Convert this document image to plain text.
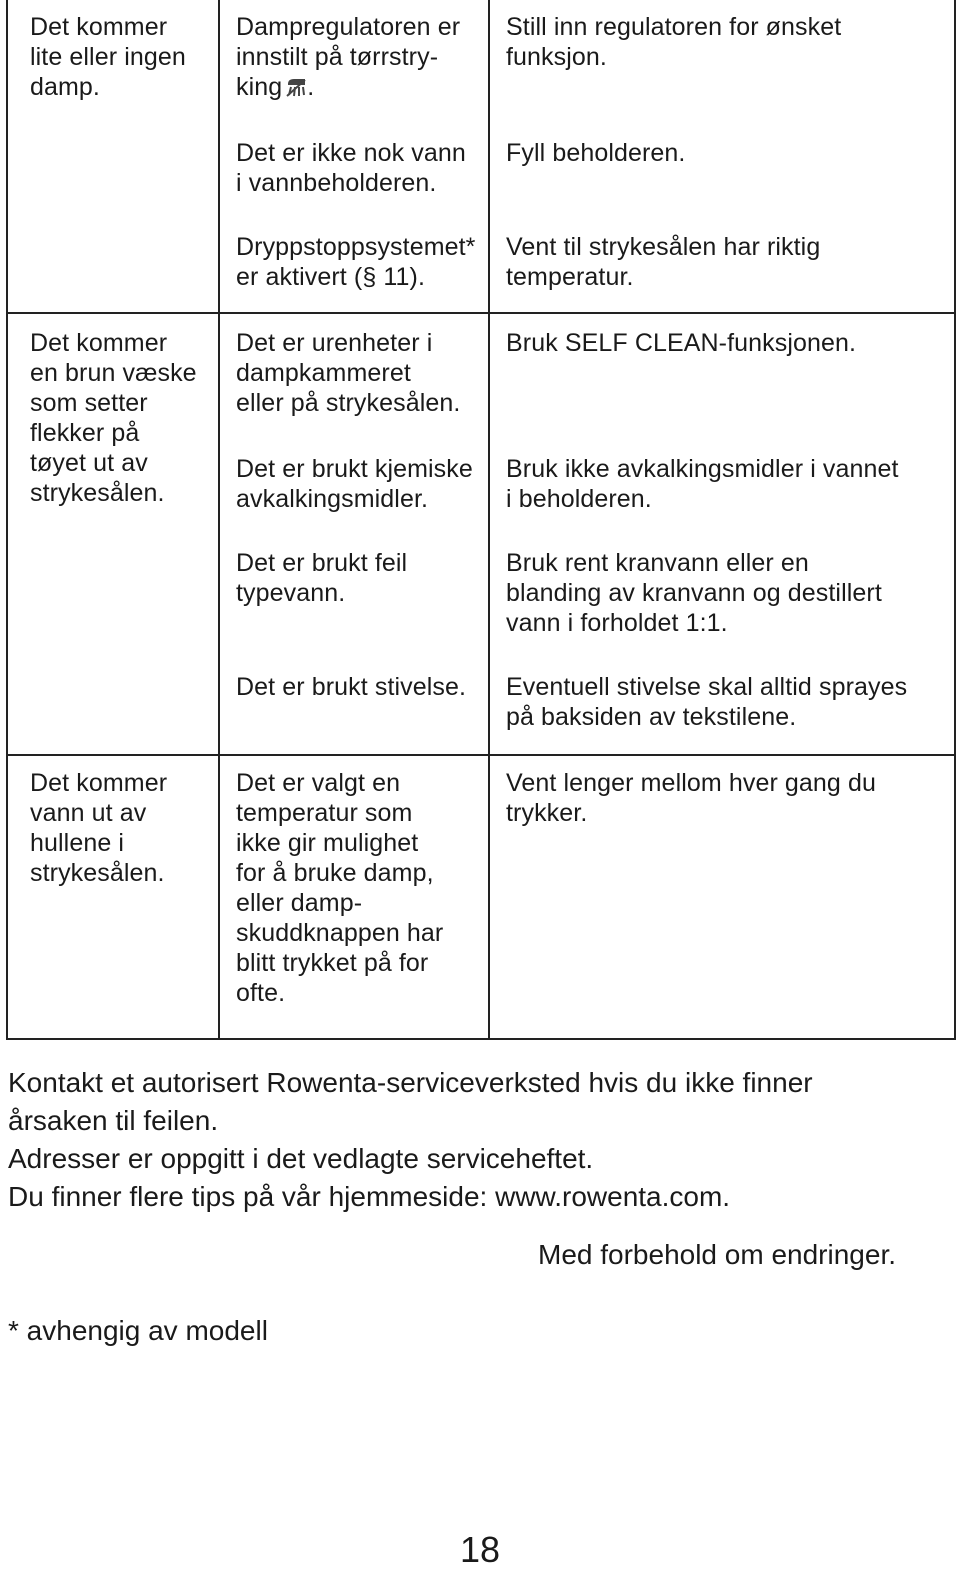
Det kommer
lite eller ingen
damp.

Dampregulatoren er
innstilt på tørrstry-
king .

Still inn regulatoren for ønsket
funksjon.

Det er ikke nok vann
i vannbeholderen.

Fyll beholderen.

Dryppstoppsystemet*
er aktivert (§ 11).

Vent til strykesålen har riktig
temperatur.

Det kommer
en brun væske
som setter
flekker på
tøyet ut av
strykesålen.

Det er urenheter i
dampkammeret
eller på strykesålen.

Bruk SELF CLEAN-funksjonen.

Det er brukt kjemiske
avkalkingsmidler.

Bruk ikke avkalkingsmidler i vannet
i beholderen.

Det er brukt feil
typevann.

Bruk rent kranvann eller en
blanding av kranvann og destillert
vann i forholdet 1:1.

Det er brukt stivelse.	Eventuell stivelse skal alltid sprayes
på baksiden av tekstilene.

Det kommer
vann ut av
hullene i
strykesålen.

Det er valgt en
temperatur som
ikke gir mulighet
for å bruke damp,
eller damp-
skuddknappen har
blitt trykket på for
ofte.

Vent lenger mellom hver gang du
trykker.

Kontakt et autorisert Rowenta-serviceverksted hvis du ikke finner
årsaken til feilen.
Adresser er oppgitt i det vedlagte serviceheftet.
Du finner flere tips på vår hjemmeside: www.rowenta.com.

Med forbehold om endringer.

* avhengig av modell

18
